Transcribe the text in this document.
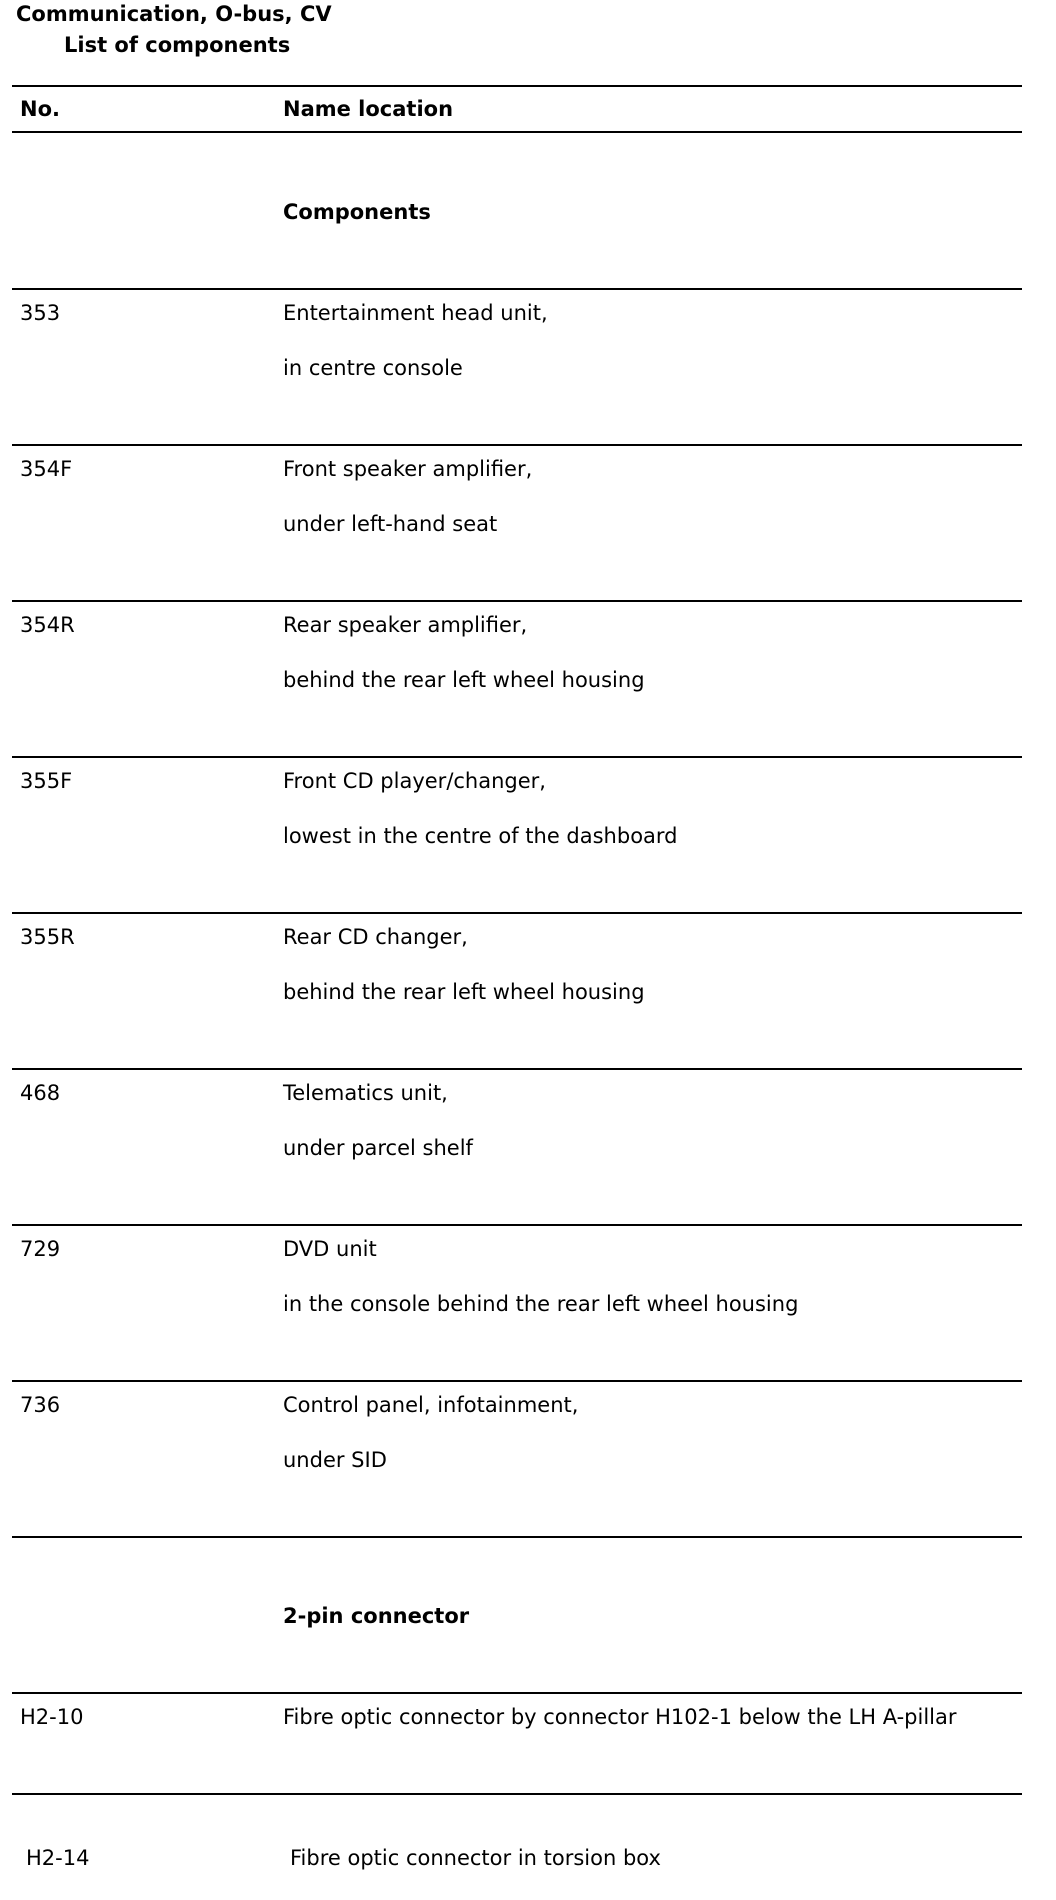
Communication, O-bus, CV
List of components
No.	Name location
Components
353	Entertainment head unit,
in centre console
354F	Front speaker amplifier,
under left-hand seat
354R	Rear speaker amplifier,
behind the rear left wheel housing
355F	Front CD player/changer,
lowest in the centre of the dashboard
355R	Rear CD changer,
behind the rear left wheel housing
468	Telematics unit,
under parcel shelf
729	DVD unit
in the console behind the rear left wheel housing
736	Control panel, infotainment,
under SID
2-pin connector
H2-10	Fibre optic connector by connector H102-1 below the LH A-pillar
H2-14	Fibre optic connector in torsion box
